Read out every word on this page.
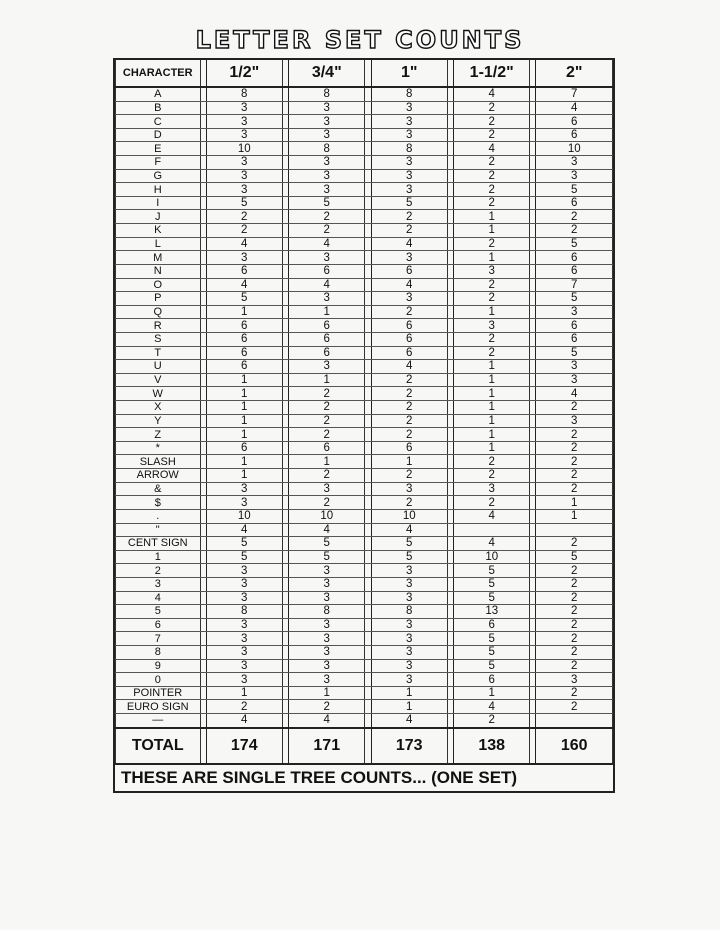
LETTER SET COUNTS
CHARACTER		1/2"		3/4"		1"		1-1/2"		2"
A		8		8		8		4		7
B		3		3		3		2		4
C		3		3		3		2		6
D		3		3		3		2		6
E		10		8		8		4		10
F		3		3		3		2		3
G		3		3		3		2		3
H		3		3		3		2		5
I		5		5		5		2		6
J		2		2		2		1		2
K		2		2		2		1		2
L		4		4		4		2		5
M		3		3		3		1		6
N		6		6		6		3		6
O		4		4		4		2		7
P		5		3		3		2		5
Q		1		1		2		1		3
R		6		6		6		3		6
S		6		6		6		2		6
T		6		6		6		2		5
U		6		3		4		1		3
V		1		1		2		1		3
W		1		2		2		1		4
X		1		2		2		1		2
Y		1		2		2		1		3
Z		1		2		2		1		2
*		6		6		6		1		2
SLASH		1		1		1		2		2
ARROW		1		2		2		2		2
&		3		3		3		3		2
$		3		2		2		2		1
.		10		10		10		4		1
"		4		4		4				
CENT SIGN		5		5		5		4		2
1		5		5		5		10		5
2		3		3		3		5		2
3		3		3		3		5		2
4		3		3		3		5		2
5		8		8		8		13		2
6		3		3		3		6		2
7		3		3		3		5		2
8		3		3		3		5		2
9		3		3		3		5		2
0		3		3		3		6		3
POINTER		1		1		1		1		2
EURO SIGN		2		2		1		4		2
—		4		4		4		2		
TOTAL		174		171		173		138		160
THESE ARE SINGLE TREE COUNTS... (ONE SET)
